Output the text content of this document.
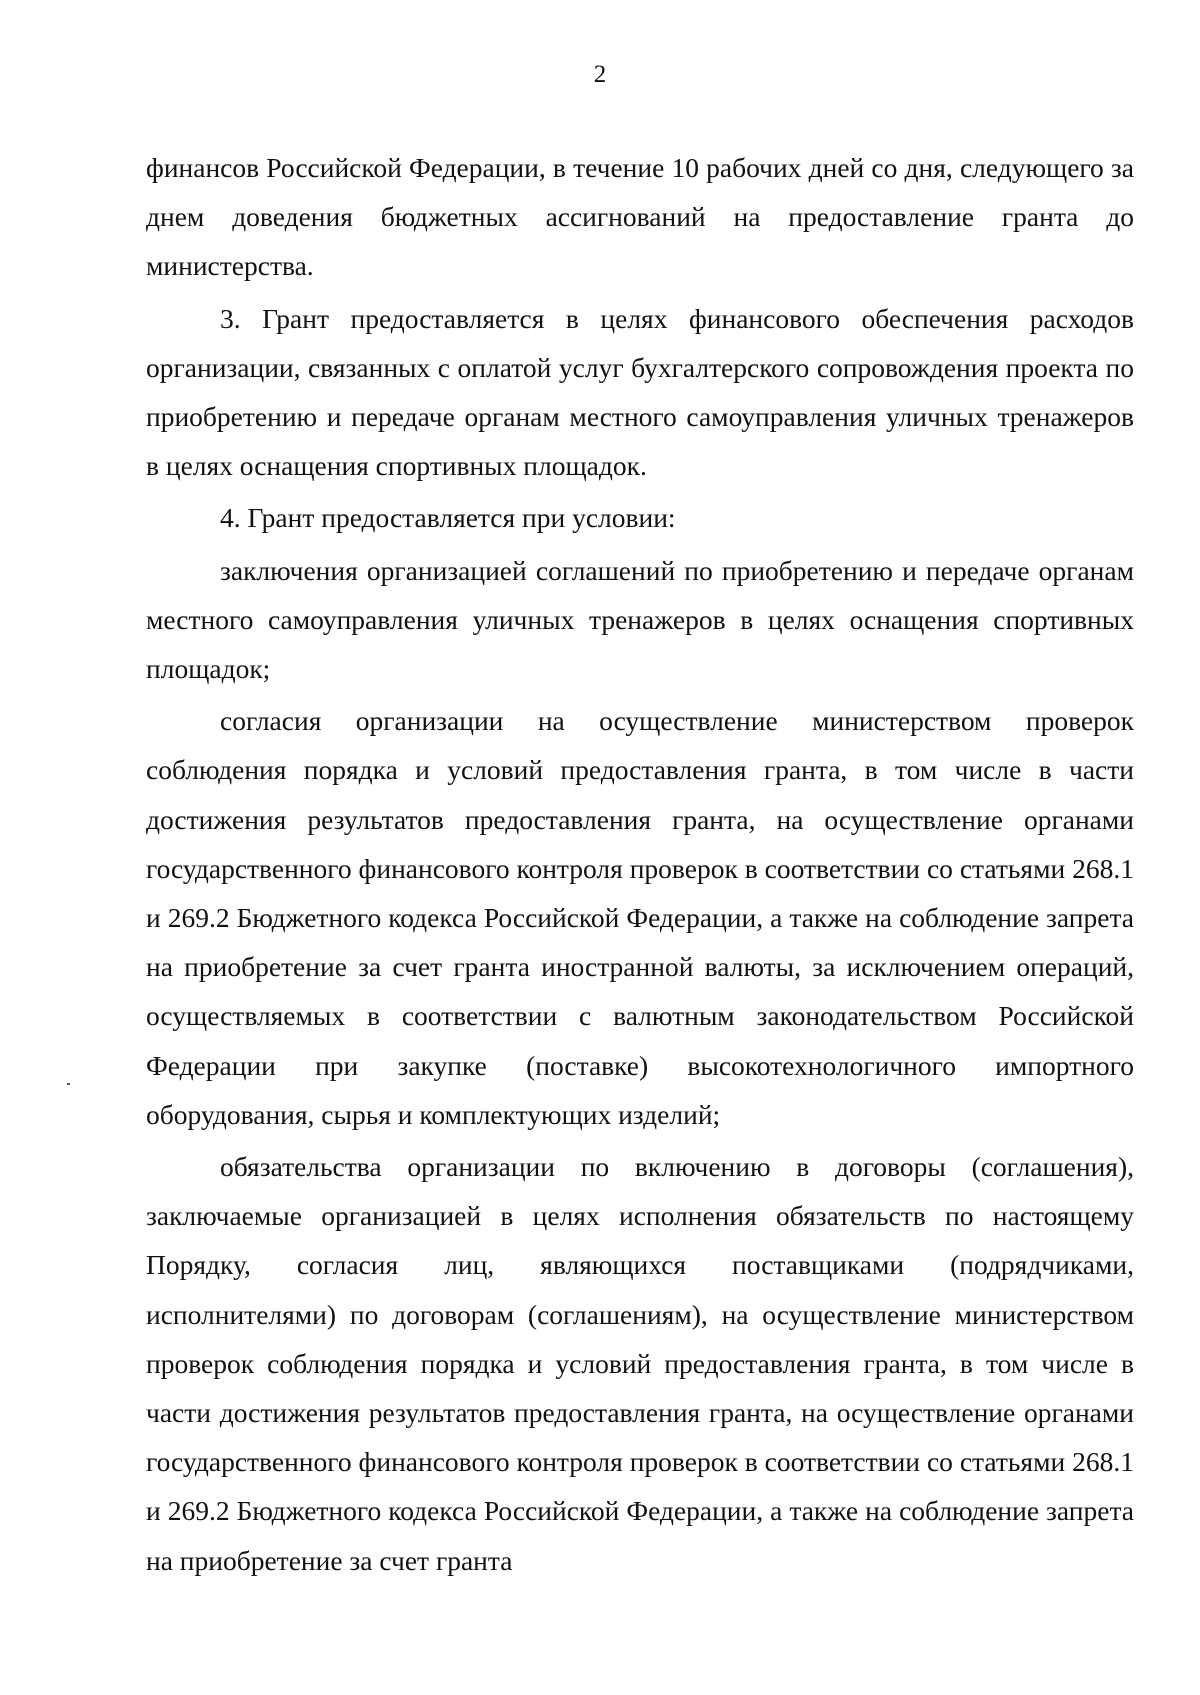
2

финансов Российской Федерации, в течение 10 рабочих дней со дня, следующего за днем доведения бюджетных ассигнований на предоставление гранта до министерства.

3. Грант предоставляется в целях финансового обеспечения расходов организации, связанных с оплатой услуг бухгалтерского сопровождения проекта по приобретению и передаче органам местного самоуправления уличных тренажеров в целях оснащения спортивных площадок.

4. Грант предоставляется при условии:

заключения организацией соглашений по приобретению и передаче органам местного самоуправления уличных тренажеров в целях оснащения спортивных площадок;

согласия организации на осуществление министерством проверок соблюдения порядка и условий предоставления гранта, в том числе в части достижения результатов предоставления гранта, на осуществление органами государственного финансового контроля проверок в соответствии со статьями 268.1 и 269.2 Бюджетного кодекса Российской Федерации, а также на соблюдение запрета на приобретение за счет гранта иностранной валюты, за исключением операций, осуществляемых в соответствии с валютным законодательством Российской Федерации при закупке (поставке) высокотехнологичного импортного оборудования, сырья и комплектующих изделий;

обязательства организации по включению в договоры (соглашения), заключаемые организацией в целях исполнения обязательств по настоящему Порядку, согласия лиц, являющихся поставщиками (подрядчиками, исполнителями) по договорам (соглашениям), на осуществление министерством проверок соблюдения порядка и условий предоставления гранта, в том числе в части достижения результатов предоставления гранта, на осуществление органами государственного финансового контроля проверок в соответствии со статьями 268.1 и 269.2 Бюджетного кодекса Российской Федерации, а также на соблюдение запрета на приобретение за счет гранта
